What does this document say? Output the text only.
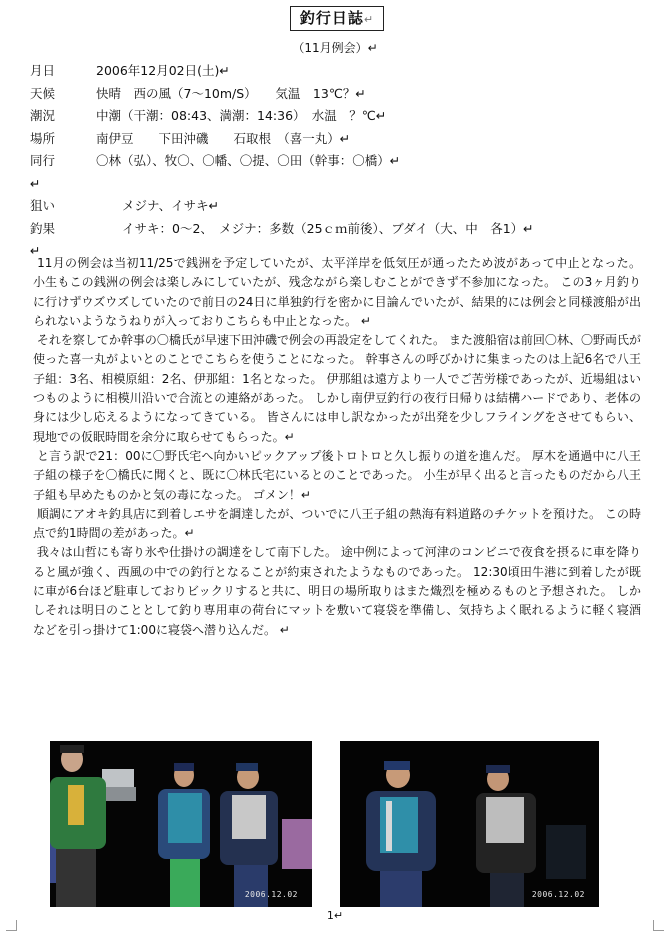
釣行日誌↵
（11月例会）↵
月日	2006年12月02日(土)↵
天候	快晴　西の風（7～10m/S）　　気温　13℃？↵
潮況	中潮（干潮：08:43、満潮：14:36）　水温　？℃↵
場所	南伊豆　　下田沖磯　　石取根　（喜一丸）↵
同行	〇林（弘）、牧〇、〇幡、〇提、〇田（幹事：〇橋）↵
↵
狙い	メジナ、イサキ↵
釣果	イサキ：0～2、　メジナ：多数（25ｃｍ前後）、ブダイ（大、中　各1）↵
↵

11月の例会は当初11/25で銭洲を予定していたが、太平洋岸を低気圧が通ったため波があって中止となった。 小生もこの銭洲の例会は楽しみにしていたが、残念ながら楽しむことができず不参加になった。 この3ヶ月釣りに行けずウズウズしていたので前日の24日に単独釣行を密かに目論んでいたが、結果的には例会と同様渡船が出られないようなうねりが入っておりこちらも中止となった。 ↵

それを察してか幹事の〇橋氏が早速下田沖磯で例会の再設定をしてくれた。 また渡船宿は前回〇林、〇野両氏が使った喜一丸がよいとのことでこちらを使うことになった。 幹事さんの呼びかけに集まったのは上記6名で八王子組：3名、相模原組：2名、伊那組：1名となった。 伊那組は遠方より一人でご苦労様であったが、近場組はいつものように相模川沿いで合流との連絡があった。 しかし南伊豆釣行の夜行日帰りは結構ハードであり、老体の身には少し応えるようになってきている。 皆さんには申し訳なかったが出発を少しフライングをさせてもらい、現地での仮眠時間を余分に取らせてもらった。↵

と言う訳で21：00に〇野氏宅へ向かいピックアップ後トロトロと久し振りの道を進んだ。 厚木を通過中に八王子組の様子を〇橋氏に聞くと、既に〇林氏宅にいるとのことであった。 小生が早く出ると言ったものだから八王子組も早めたものかと気の毒になった。 ゴメン！↵

順調にアオキ釣具店に到着しエサを調達したが、ついでに八王子組の熱海有料道路のチケットを預けた。 この時点で約1時間の差があった。↵

我々は山哲にも寄り氷や仕掛けの調達をして南下した。 途中例によって河津のコンビニで夜食を摂るに車を降りると風が強く、西風の中での釣行となることが約束されたようなものであった。 12:30頃田牛港に到着したが既に車が6台ほど駐車しておりビックリすると共に、明日の場所取りはまた熾烈を極めるものと予想された。 しかしそれは明日のこととして釣り専用車の荷台にマットを敷いて寝袋を準備し、気持ちよく眠れるように軽く寝酒などを引っ掛けて1:00に寝袋へ潜り込んだ。 ↵

2006.12.02	2006.12.02
1↵
